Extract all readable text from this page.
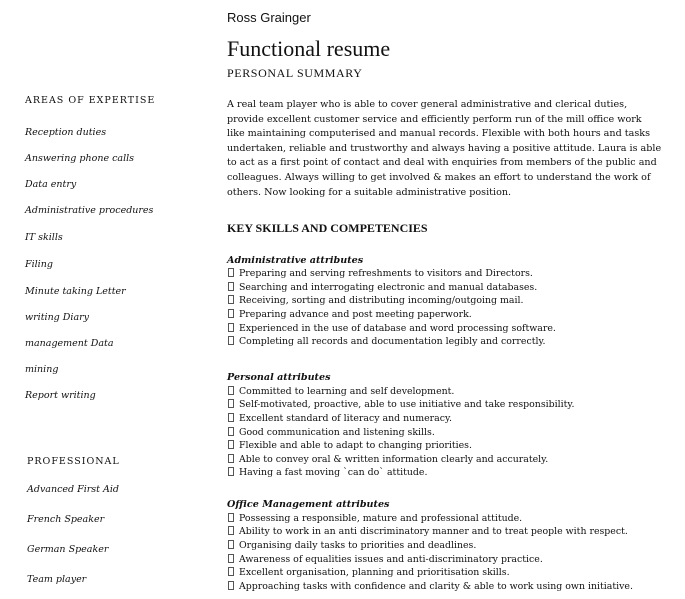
Ross Grainger
Functional resume
PERSONAL SUMMARY
AREAS OF EXPERTISE
Reception duties
Answering phone calls
Data entry
Administrative procedures
IT skills
Filing
Minute taking Letter
writing Diary
management Data
mining
Report writing
PROFESSIONAL
Advanced First Aid
French Speaker
German Speaker
Team player
A real team player who is able to cover general administrative and clerical duties,
provide excellent customer service and efficiently perform run of the mill office work
like maintaining computerised and manual records. Flexible with both hours and tasks
undertaken, reliable and trustworthy and always having a positive attitude. Laura is able
to act as a first point of contact and deal with enquiries from members of the public and
colleagues. Always willing to get involved & makes an effort to understand the work of
others. Now looking for a suitable administrative position.
KEY SKILLS AND COMPETENCIES
Administrative attributes
Preparing and serving refreshments to visitors and Directors.
Searching and interrogating electronic and manual databases.
Receiving, sorting and distributing incoming/outgoing mail.
Preparing advance and post meeting paperwork.
Experienced in the use of database and word processing software.
Completing all records and documentation legibly and correctly.
Personal attributes
Committed to learning and self development.
Self-motivated, proactive, able to use initiative and take responsibility.
Excellent standard of literacy and numeracy.
Good communication and listening skills.
Flexible and able to adapt to changing priorities.
Able to convey oral & written information clearly and accurately.
Having a fast moving `can do` attitude.
Office Management attributes
Possessing a responsible, mature and professional attitude.
Ability to work in an anti discriminatory manner and to treat people with respect.
Organising daily tasks to priorities and deadlines.
Awareness of equalities issues and anti-discriminatory practice.
Excellent organisation, planning and prioritisation skills.
Approaching tasks with confidence and clarity & able to work using own initiative.
